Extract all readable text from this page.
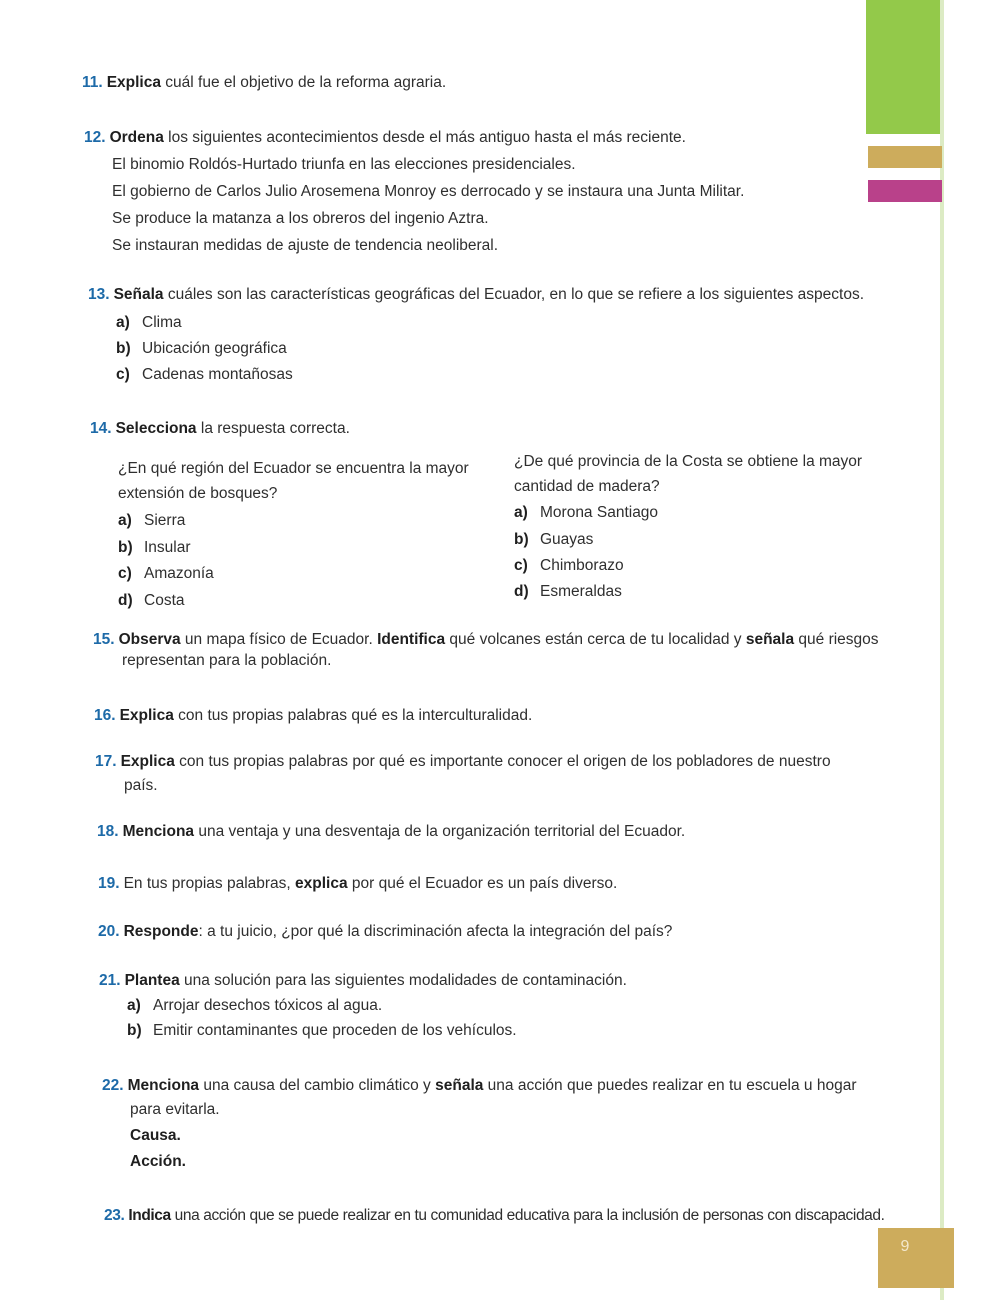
9
11. Explica cuál fue el objetivo de la reforma agraria.
12. Ordena los siguientes acontecimientos desde el más antiguo hasta el más reciente.
El binomio Roldós-Hurtado triunfa en las elecciones presidenciales.
El gobierno de Carlos Julio Arosemena Monroy es derrocado y se instaura una Junta Militar.
Se produce la matanza a los obreros del ingenio Aztra.
Se instauran medidas de ajuste de tendencia neoliberal.
13. Señala cuáles son las características geográficas del Ecuador, en lo que se refiere a los siguientes aspectos.
a) Clima
b) Ubicación geográfica
c) Cadenas montañosas
14. Selecciona la respuesta correcta.
¿En qué región del Ecuador se encuentra la mayor
extensión de bosques?
a) Sierra
b) Insular
c) Amazonía
d) Costa
¿De qué provincia de la Costa se obtiene la mayor
cantidad de madera?
a) Morona Santiago
b) Guayas
c) Chimborazo
d) Esmeraldas
15. Observa un mapa físico de Ecuador. Identifica qué volcanes están cerca de tu localidad y señala qué riesgos
representan para la población.
16. Explica con tus propias palabras qué es la interculturalidad.
17. Explica con tus propias palabras por qué es importante conocer el origen de los pobladores de nuestro
país.
18. Menciona una ventaja y una desventaja de la organización territorial del Ecuador.
19. En tus propias palabras, explica por qué el Ecuador es un país diverso.
20. Responde: a tu juicio, ¿por qué la discriminación afecta la integración del país?
21. Plantea una solución para las siguientes modalidades de contaminación.
a) Arrojar desechos tóxicos al agua.
b) Emitir contaminantes que proceden de los vehículos.
22. Menciona una causa del cambio climático y señala una acción que puedes realizar en tu escuela u hogar
para evitarla.
Causa.
Acción.
23. Indica una acción que se puede realizar en tu comunidad educativa para la inclusión de personas con discapacidad.
